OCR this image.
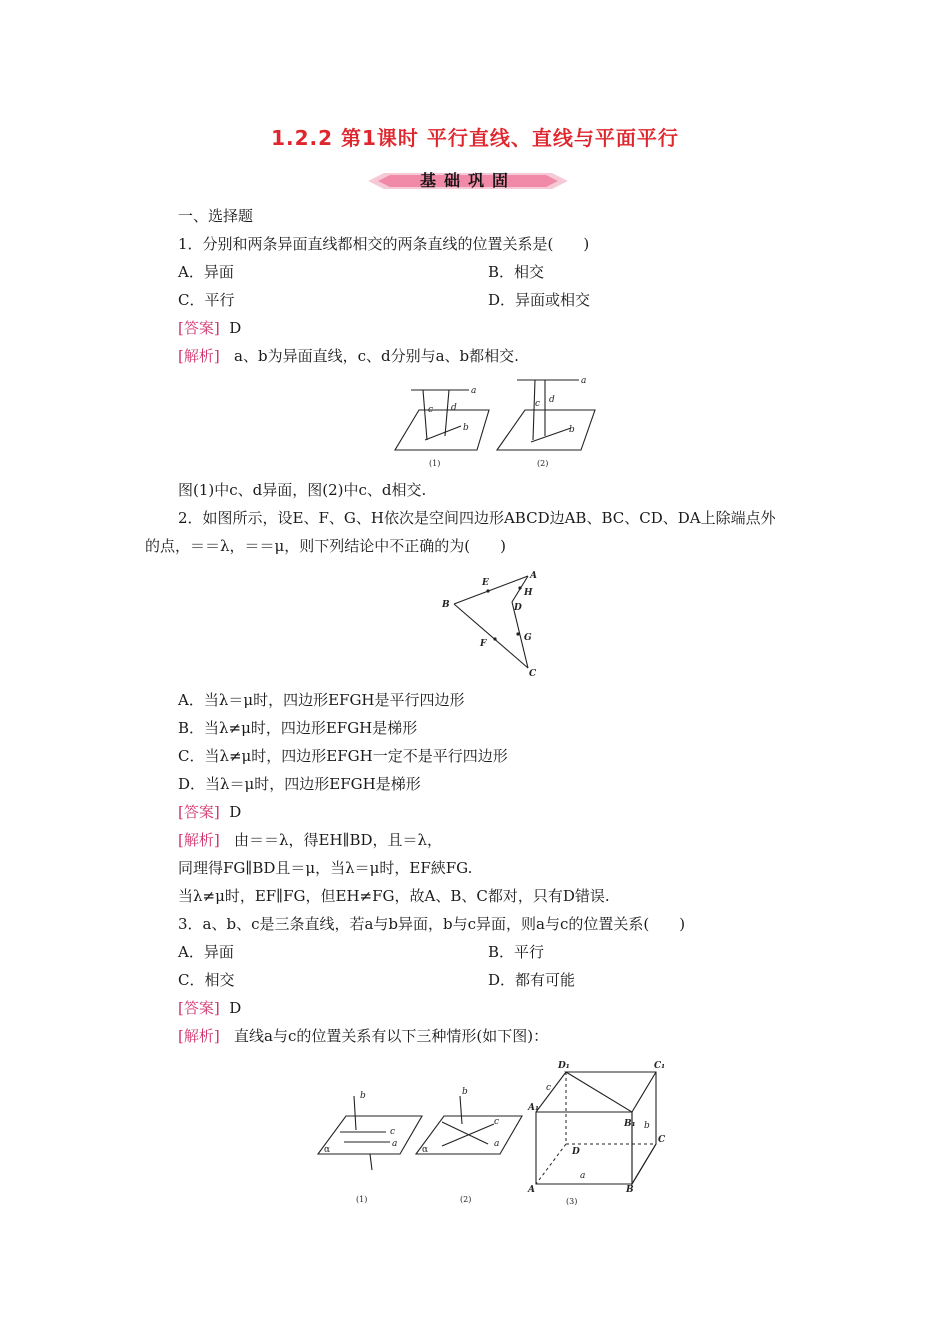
1.2.2 第1课时 平行直线、直线与平面平行
基础巩固
一、选择题
1．分别和两条异面直线都相交的两条直线的位置关系是(　　)
A．异面	B．相交
C．平行	D．异面或相交
[答案] D
[解析] a、b为异面直线，c、d分别与a、b都相交.
a
c d
b
(1)
a
c d
b
(2)
图(1)中c、d异面，图(2)中c、d相交.
2．如图所示，设E、F、G、H依次是空间四边形ABCD边AB、BC、CD、DA上除端点外
的点，＝＝λ，＝＝μ，则下列结论中不正确的为(　　)
A
E
H
B	D
G
F
C
A．当λ＝μ时，四边形EFGH是平行四边形
B．当λ≠μ时，四边形EFGH是梯形
C．当λ≠μ时，四边形EFGH一定不是平行四边形
D．当λ＝μ时，四边形EFGH是梯形
[答案] D
[解析] 由＝＝λ，得EH∥BD，且＝λ，
同理得FG∥BD且＝μ，当λ＝μ时，EF綊FG.
当λ≠μ时，EF∥FG，但EH≠FG，故A、B、C都对，只有D错误.
3．a、b、c是三条直线，若a与b异面，b与c异面，则a与c的位置关系(　　)
A．异面	B．平行
C．相交	D．都有可能
[答案] D
[解析] 直线a与c的位置关系有以下三种情形(如下图)：
b
c
a
α
(1)
b
c
a
α
(2)
D₁	C₁
c
A₁
B₁ b
C
D
a
A	B
(3)
